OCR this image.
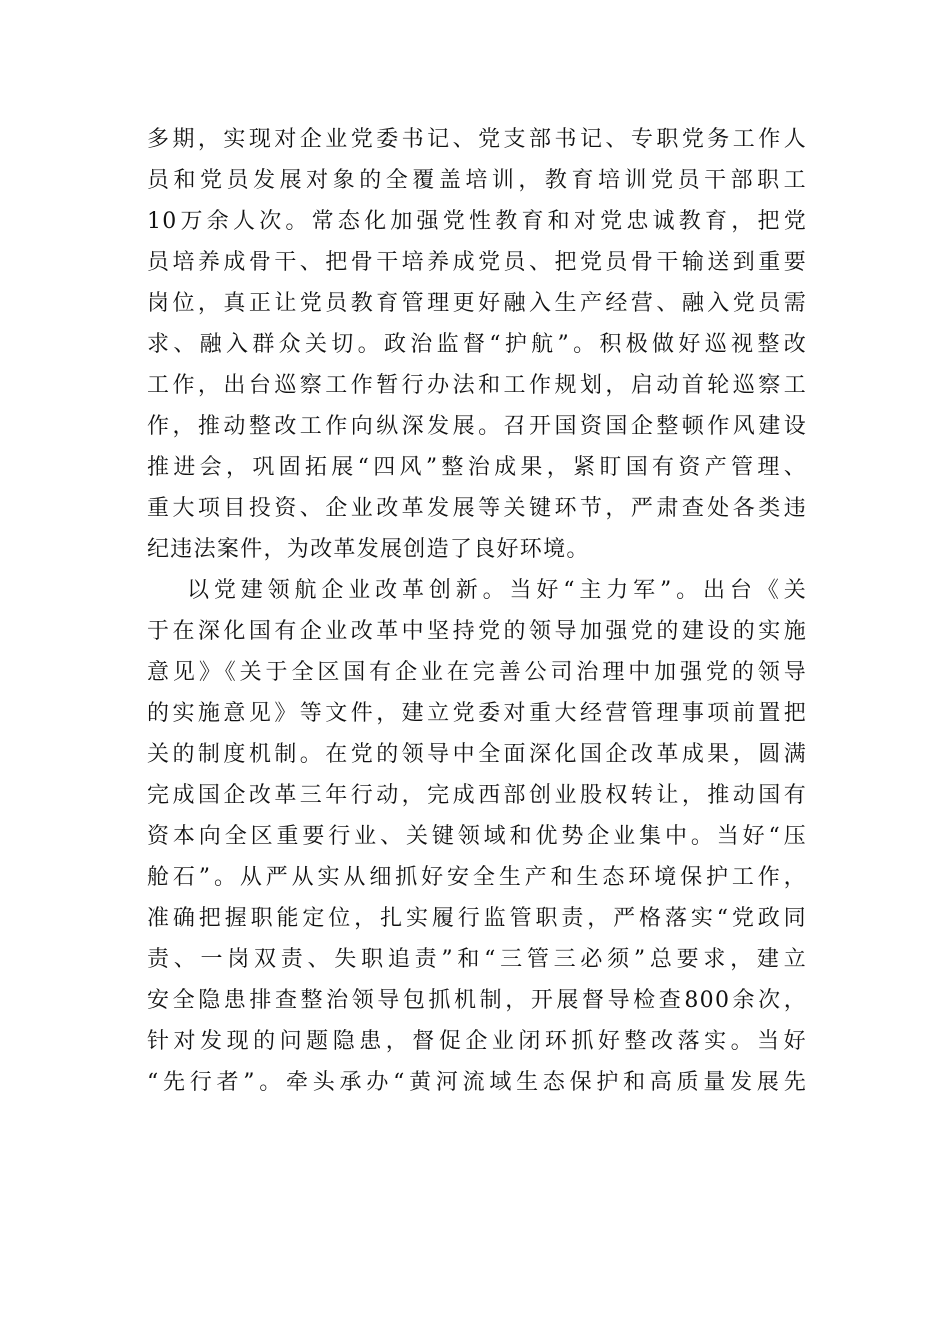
多期，实现对企业党委书记、党支部书记、专职党务工作人
员和党员发展对象的全覆盖培训，教育培训党员干部职工
10万余人次。常态化加强党性教育和对党忠诚教育，把党
员培养成骨干、把骨干培养成党员、把党员骨干输送到重要
岗位，真正让党员教育管理更好融入生产经营、融入党员需
求、融入群众关切。政治监督“护航”。积极做好巡视整改
工作，出台巡察工作暂行办法和工作规划，启动首轮巡察工
作，推动整改工作向纵深发展。召开国资国企整顿作风建设
推进会，巩固拓展“四风”整治成果，紧盯国有资产管理、
重大项目投资、企业改革发展等关键环节，严肃查处各类违
纪违法案件，为改革发展创造了良好环境。
以党建领航企业改革创新。当好“主力军”。出台《关
于在深化国有企业改革中坚持党的领导加强党的建设的实施
意见》《关于全区国有企业在完善公司治理中加强党的领导
的实施意见》等文件，建立党委对重大经营管理事项前置把
关的制度机制。在党的领导中全面深化国企改革成果，圆满
完成国企改革三年行动，完成西部创业股权转让，推动国有
资本向全区重要行业、关键领域和优势企业集中。当好“压
舱石”。从严从实从细抓好安全生产和生态环境保护工作，
准确把握职能定位，扎实履行监管职责，严格落实“党政同
责、一岗双责、失职追责”和“三管三必须”总要求，建立
安全隐患排查整治领导包抓机制，开展督导检查800余次，
针对发现的问题隐患，督促企业闭环抓好整改落实。当好
“先行者”。牵头承办“黄河流域生态保护和高质量发展先
